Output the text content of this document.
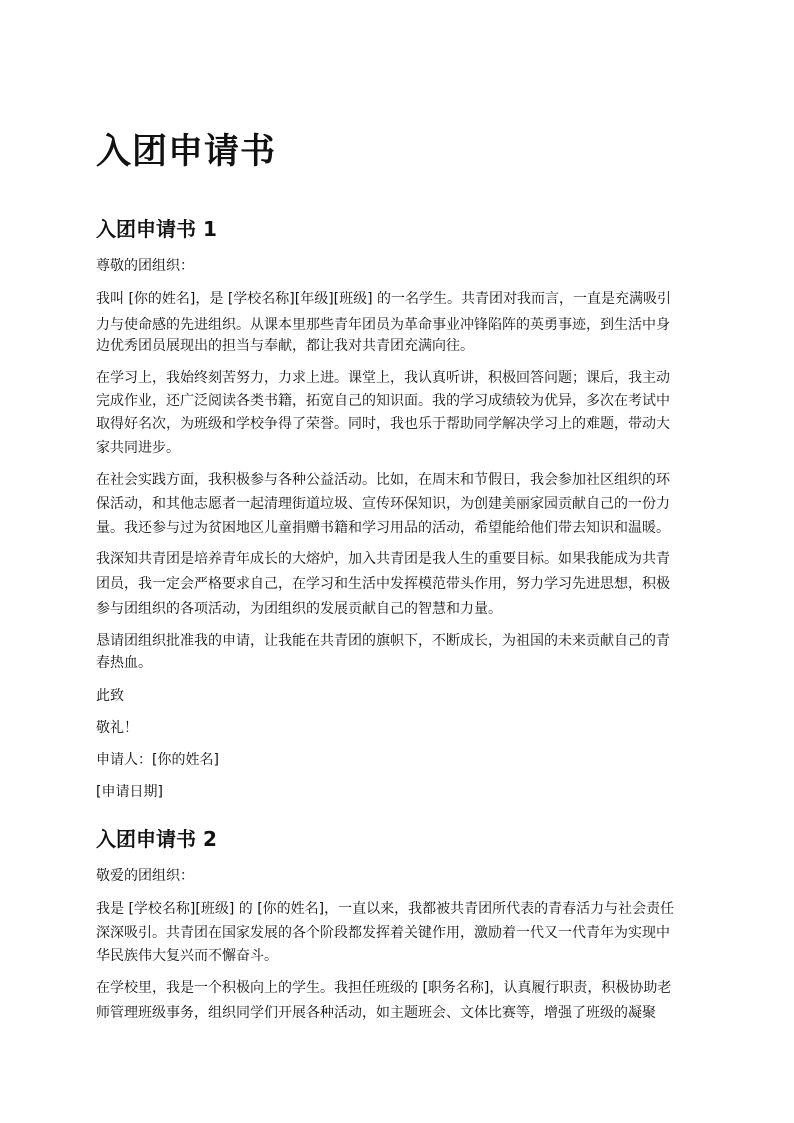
入团申请书
入团申请书 1

尊敬的团组织：

我叫 [你的姓名]，是 [学校名称][年级][班级] 的一名学生。共青团对我而言，一直是充满吸引

力与使命感的先进组织。从课本里那些青年团员为革命事业冲锋陷阵的英勇事迹，到生活中身

边优秀团员展现出的担当与奉献，都让我对共青团充满向往。

在学习上，我始终刻苦努力，力求上进。课堂上，我认真听讲，积极回答问题；课后，我主动

完成作业，还广泛阅读各类书籍，拓宽自己的知识面。我的学习成绩较为优异，多次在考试中

取得好名次，为班级和学校争得了荣誉。同时，我也乐于帮助同学解决学习上的难题，带动大

家共同进步。

在社会实践方面，我积极参与各种公益活动。比如，在周末和节假日，我会参加社区组织的环

保活动，和其他志愿者一起清理街道垃圾、宣传环保知识，为创建美丽家园贡献自己的一份力

量。我还参与过为贫困地区儿童捐赠书籍和学习用品的活动，希望能给他们带去知识和温暖。

我深知共青团是培养青年成长的大熔炉，加入共青团是我人生的重要目标。如果我能成为共青

团员，我一定会严格要求自己，在学习和生活中发挥模范带头作用，努力学习先进思想，积极

参与团组织的各项活动，为团组织的发展贡献自己的智慧和力量。

恳请团组织批准我的申请，让我能在共青团的旗帜下，不断成长，为祖国的未来贡献自己的青

春热血。

此致

敬礼！

申请人：[你的姓名]

[申请日期]

入团申请书 2

敬爱的团组织：

我是 [学校名称][班级] 的 [你的姓名]，一直以来，我都被共青团所代表的青春活力与社会责任

深深吸引。共青团在国家发展的各个阶段都发挥着关键作用，激励着一代又一代青年为实现中

华民族伟大复兴而不懈奋斗。

在学校里，我是一个积极向上的学生。我担任班级的 [职务名称]，认真履行职责，积极协助老

师管理班级事务，组织同学们开展各种活动，如主题班会、文体比赛等，增强了班级的凝聚
